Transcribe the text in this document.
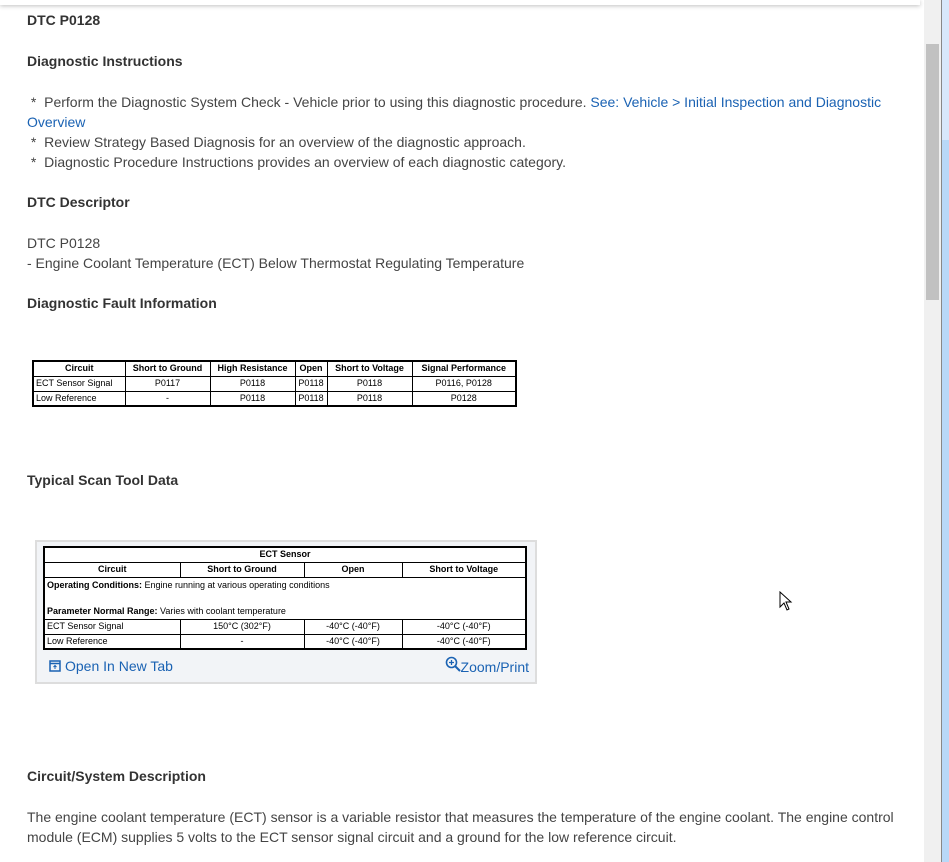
DTC P0128
Diagnostic Instructions
*  Perform the Diagnostic System Check - Vehicle prior to using this diagnostic procedure. See: Vehicle > Initial Inspection and Diagnostic Overview
*  Review Strategy Based Diagnosis for an overview of the diagnostic approach.
*  Diagnostic Procedure Instructions provides an overview of each diagnostic category.
DTC Descriptor
DTC P0128
- Engine Coolant Temperature (ECT) Below Thermostat Regulating Temperature
Diagnostic Fault Information
Circuit	Short to Ground	High Resistance	Open	Short to Voltage	Signal Performance
ECT Sensor Signal	P0117	P0118	P0118	P0118	P0116, P0128
Low Reference	-	P0118	P0118	P0118	P0128
Typical Scan Tool Data
ECT Sensor			
Circuit	Short to Ground	Open	Short to Voltage

Operating Conditions: Engine running at various operating conditions
Parameter Normal Range: Varies with coolant temperature			

ECT Sensor Signal	150°C (302°F)	-40°C (-40°F)	-40°C (-40°F)
Low Reference	-	-40°C (-40°F)	-40°C (-40°F)
Open In New Tab	Zoom/Print
Circuit/System Description
The engine coolant temperature (ECT) sensor is a variable resistor that measures the temperature of the engine coolant. The engine control module (ECM) supplies 5 volts to the ECT sensor signal circuit and a ground for the low reference circuit.
